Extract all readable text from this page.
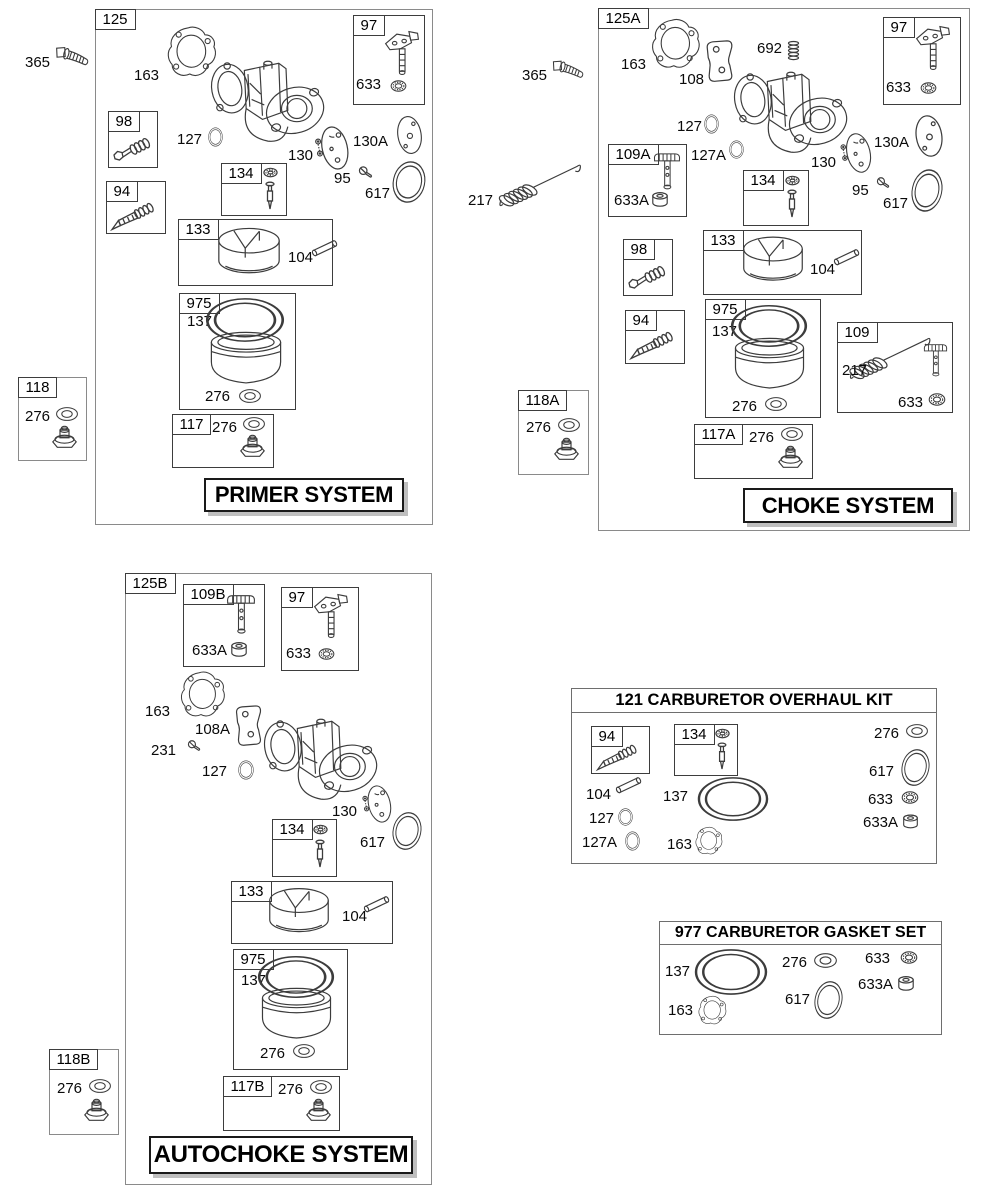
365
125
163
97
633
98
94
127
134
130
130A
95
617
133
104
975
137
276
117 276
PRIMER SYSTEM
118
276
365
217
125A
163
108
692
97
633
127
127A	130
130A
109A
633A
134
95
617
98
133
104
94
975
137
276
109
217
633
117A 276
CHOKE SYSTEM
118A
276
125B
109B
633A
97
633
163
108A
231
127
130
617
134
133
104
975
137
276
117B 276
AUTOCHOKE SYSTEM
118B
276
121 CARBURETOR OVERHAUL KIT
94	134
104	137
127
127A	163
276
617
633
633A
977 CARBURETOR GASKET SET
137
163
276
617
633
633A
